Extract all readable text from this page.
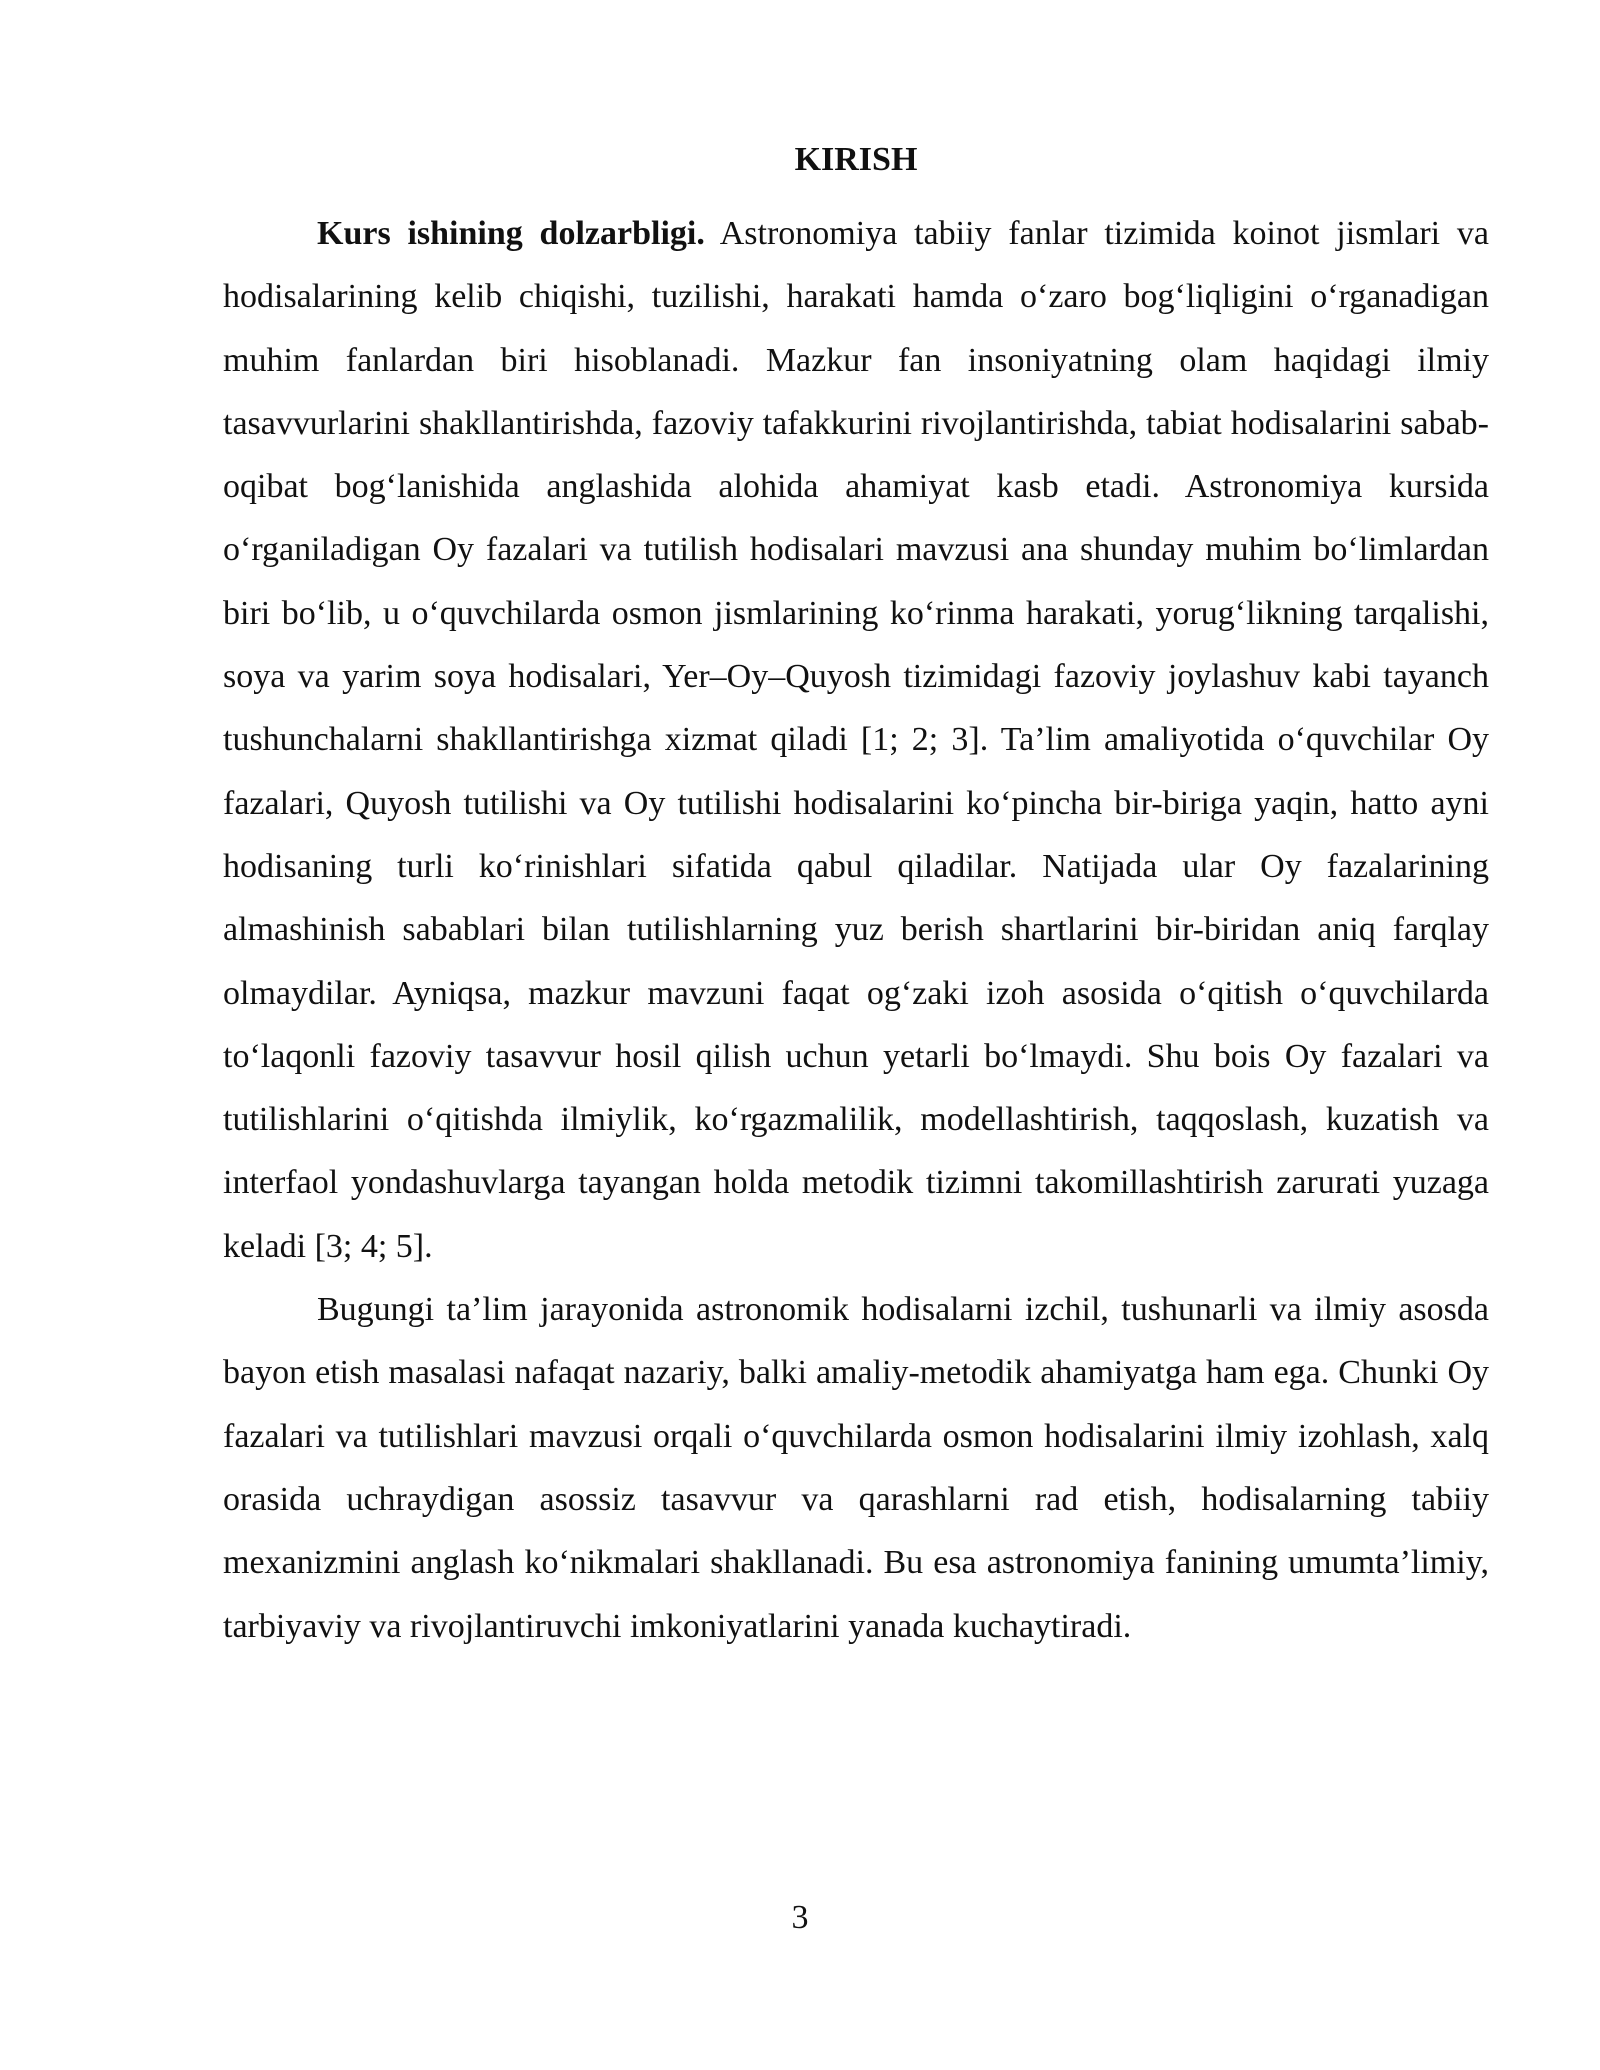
KIRISH

Kurs ishining dolzarbligi. Astronomiya tabiiy fanlar tizimida koinot jismlari va hodisalarining kelib chiqishi, tuzilishi, harakati hamda o‘zaro bog‘liqligini o‘rganadigan muhim fanlardan biri hisoblanadi. Mazkur fan insoniyatning olam haqidagi ilmiy tasavvurlarini shakllantirishda, fazoviy tafakkurini rivojlantirishda, tabiat hodisalarini sabab-oqibat bog‘lanishida anglashida alohida ahamiyat kasb etadi. Astronomiya kursida o‘rganiladigan Oy fazalari va tutilish hodisalari mavzusi ana shunday muhim bo‘limlardan biri bo‘lib, u o‘quvchilarda osmon jismlarining ko‘rinma harakati, yorug‘likning tarqalishi, soya va yarim soya hodisalari, Yer–Oy–Quyosh tizimidagi fazoviy joylashuv kabi tayanch tushunchalarni shakllantirishga xizmat qiladi [1; 2; 3]. Ta’lim amaliyotida o‘quvchilar Oy fazalari, Quyosh tutilishi va Oy tutilishi hodisalarini ko‘pincha bir-biriga yaqin, hatto ayni hodisaning turli ko‘rinishlari sifatida qabul qiladilar. Natijada ular Oy fazalarining almashinish sabablari bilan tutilishlarning yuz berish shartlarini bir-biridan aniq farqlay olmaydilar. Ayniqsa, mazkur mavzuni faqat og‘zaki izoh asosida o‘qitish o‘quvchilarda to‘laqonli fazoviy tasavvur hosil qilish uchun yetarli bo‘lmaydi. Shu bois Oy fazalari va tutilishlarini o‘qitishda ilmiylik, ko‘rgazmalilik, modellashtirish, taqqoslash, kuzatish va interfaol yondashuvlarga tayangan holda metodik tizimni takomillashtirish zarurati yuzaga keladi [3; 4; 5].

Bugungi ta’lim jarayonida astronomik hodisalarni izchil, tushunarli va ilmiy asosda bayon etish masalasi nafaqat nazariy, balki amaliy-metodik ahamiyatga ham ega. Chunki Oy fazalari va tutilishlari mavzusi orqali o‘quvchilarda osmon hodisalarini ilmiy izohlash, xalq orasida uchraydigan asossiz tasavvur va qarashlarni rad etish, hodisalarning tabiiy mexanizmini anglash ko‘nikmalari shakllanadi. Bu esa astronomiya fanining umumta’limiy, tarbiyaviy va rivojlantiruvchi imkoniyatlarini yanada kuchaytiradi.

3
